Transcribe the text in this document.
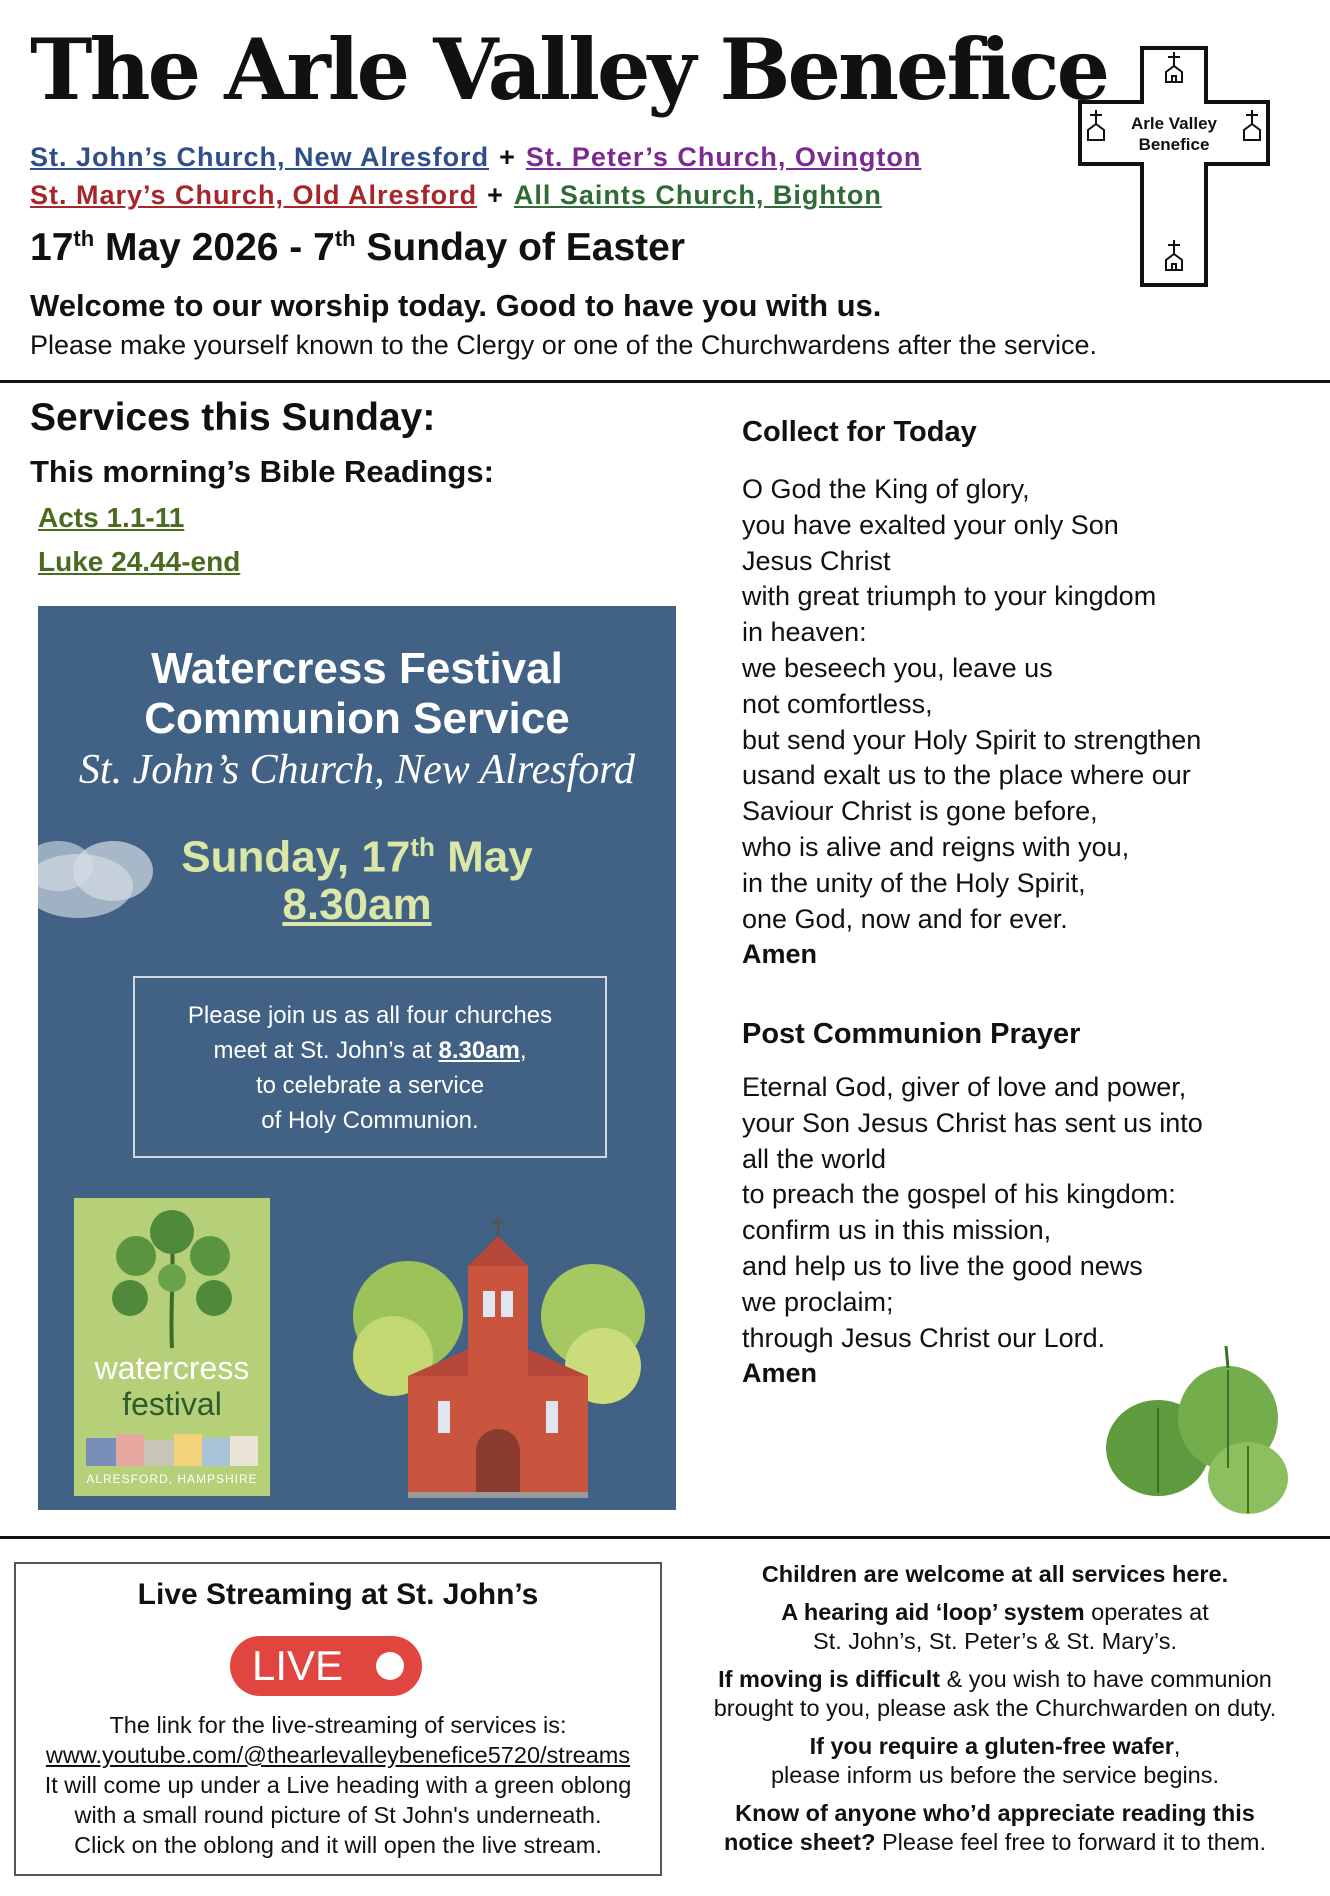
The Arle Valley Benefice
St. John’s Church, New Alresford + St. Peter’s Church, Ovington
St. Mary’s Church, Old Alresford + All Saints Church, Bighton
17th May 2026 - 7th Sunday of Easter
Welcome to our worship today. Good to have you with us.
Please make yourself known to the Clergy or one of the Churchwardens after the service.
Arle Valley
Benefice
Services this Sunday:
This morning’s Bible Readings:
Acts 1.1-11
Luke 24.44-end
Watercress Festival
Communion Service
St. John’s Church, New Alresford
Sunday, 17th May
8.30am
Please join us as all four churches
meet at St. John’s at 8.30am,
to celebrate a service
of Holy Communion.
watercress
festival
ALRESFORD, HAMPSHIRE
Collect for Today
O God the King of glory,
you have exalted your only Son
Jesus Christ
with great triumph to your kingdom
in heaven:
we beseech you, leave us
not comfortless,
but send your Holy Spirit to strengthen
usand exalt us to the place where our
Saviour Christ is gone before,
who is alive and reigns with you,
in the unity of the Holy Spirit,
one God, now and for ever.
Amen
Post Communion Prayer
Eternal God, giver of love and power,
your Son Jesus Christ has sent us into
all the world
to preach the gospel of his kingdom:
confirm us in this mission,
and help us to live the good news
we proclaim;
through Jesus Christ our Lord.
Amen
Live Streaming at St. John’s
LIVE
The link for the live-streaming of services is:
www.youtube.com/@thearlevalleybenefice5720/streams
It will come up under a Live heading with a green oblong
with a small round picture of St John's underneath.
Click on the oblong and it will open the live stream.

Children are welcome at all services here.

A hearing aid ‘loop’ system operates at
St. John’s, St. Peter’s & St. Mary’s.

If moving is difficult & you wish to have communion
brought to you, please ask the Churchwarden on duty.

If you require a gluten-free wafer,
please inform us before the service begins.

Know of anyone who’d appreciate reading this
notice sheet? Please feel free to forward it to them.
